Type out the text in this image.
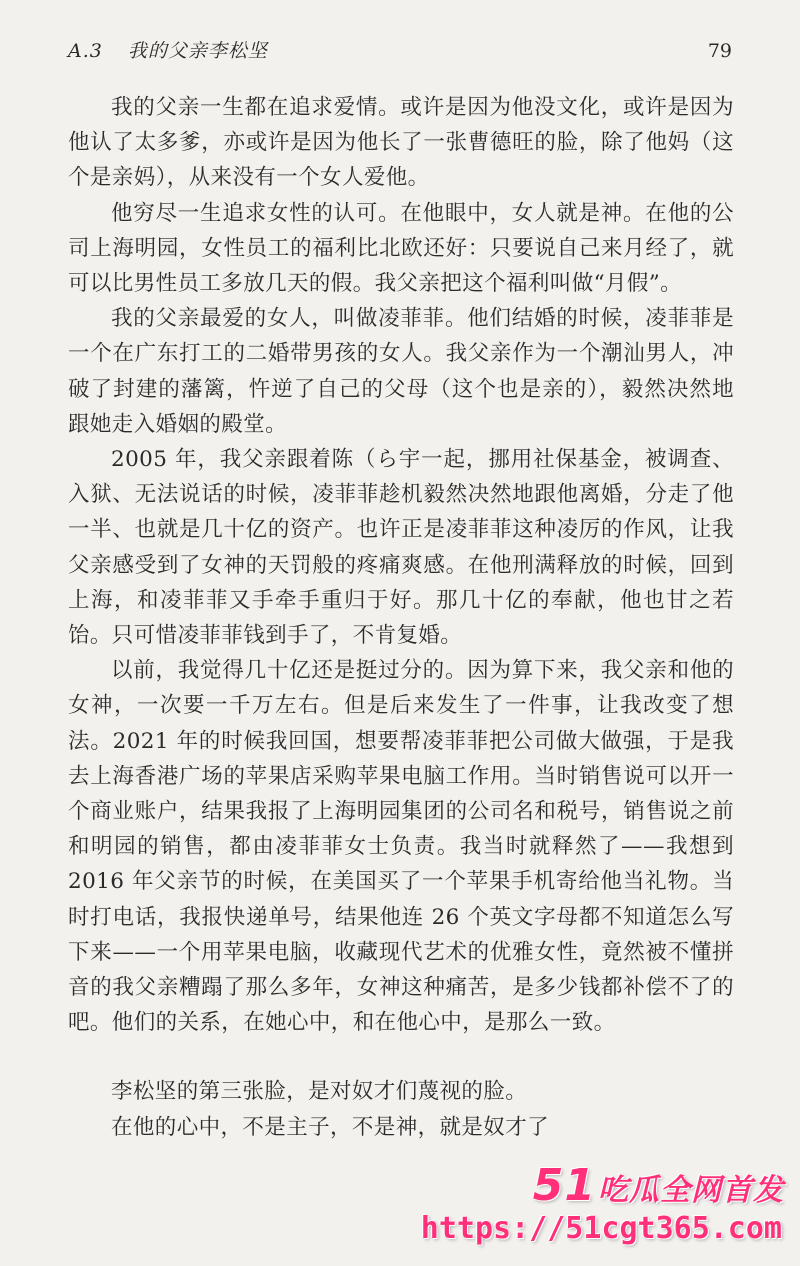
A.3 我的父亲李松坚	79

我的父亲一生都在追求爱情。或许是因为他没文化，或许是因为他认了太多爹，亦或许是因为他长了一张曹德旺的脸，除了他妈（这个是亲妈），从来没有一个女人爱他。

他穷尽一生追求女性的认可。在他眼中，女人就是神。在他的公司上海明园，女性员工的福利比北欧还好：只要说自己来月经了，就可以比男性员工多放几天的假。我父亲把这个福利叫做“月假”。

我的父亲最爱的女人，叫做凌菲菲。他们结婚的时候，凌菲菲是一个在广东打工的二婚带男孩的女人。我父亲作为一个潮汕男人，冲破了封建的藩篱，忤逆了自己的父母（这个也是亲的），毅然决然地跟她走入婚姻的殿堂。

2005 年，我父亲跟着陈（ら宇一起，挪用社保基金，被调查、入狱、无法说话的时候，凌菲菲趁机毅然决然地跟他离婚，分走了他一半、也就是几十亿的资产。也许正是凌菲菲这种凌厉的作风，让我父亲感受到了女神的天罚般的疼痛爽感。在他刑满释放的时候，回到上海，和凌菲菲又手牵手重归于好。那几十亿的奉献，他也甘之若饴。只可惜凌菲菲钱到手了，不肯复婚。

以前，我觉得几十亿还是挺过分的。因为算下来，我父亲和他的女神，一次要一千万左右。但是后来发生了一件事，让我改变了想法。2021 年的时候我回国，想要帮凌菲菲把公司做大做强，于是我去上海香港广场的苹果店采购苹果电脑工作用。当时销售说可以开一个商业账户，结果我报了上海明园集团的公司名和税号，销售说之前和明园的销售，都由凌菲菲女士负责。我当时就释然了——我想到 2016 年父亲节的时候，在美国买了一个苹果手机寄给他当礼物。当时打电话，我报快递单号，结果他连 26 个英文字母都不知道怎么写下来——一个用苹果电脑，收藏现代艺术的优雅女性，竟然被不懂拼音的我父亲糟蹋了那么多年，女神这种痛苦，是多少钱都补偿不了的吧。他们的关系，在她心中，和在他心中，是那么一致。

李松坚的第三张脸，是对奴才们蔑视的脸。

在他的心中，不是主子，不是神，就是奴才了

51吃瓜全网首发
https://51cgt365.com
